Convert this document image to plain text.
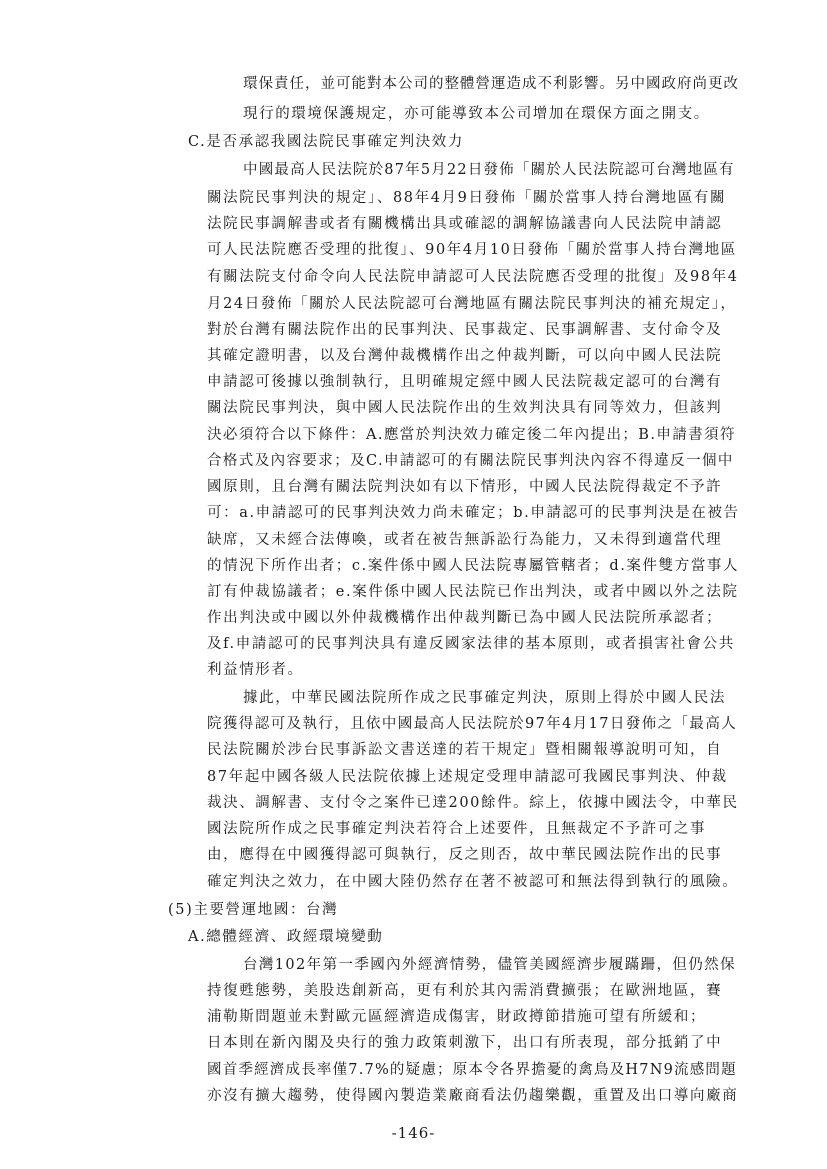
環保責任，並可能對本公司的整體營運造成不利影響。另中國政府尚更改
現行的環境保護規定，亦可能導致本公司增加在環保方面之開支。
C.是否承認我國法院民事確定判決效力
中國最高人民法院於87年5月22日發佈「關於人民法院認可台灣地區有
關法院民事判決的規定」、88年4月9日發佈「關於當事人持台灣地區有關
法院民事調解書或者有關機構出具或確認的調解協議書向人民法院申請認
可人民法院應否受理的批復」、90年4月10日發佈「關於當事人持台灣地區
有關法院支付命令向人民法院申請認可人民法院應否受理的批復」及98年4
月24日發佈「關於人民法院認可台灣地區有關法院民事判決的補充規定」，
對於台灣有關法院作出的民事判決、民事裁定、民事調解書、支付命令及
其確定證明書，以及台灣仲裁機構作出之仲裁判斷，可以向中國人民法院
申請認可後據以強制執行，且明確規定經中國人民法院裁定認可的台灣有
關法院民事判決，與中國人民法院作出的生效判決具有同等效力，但該判
決必須符合以下條件：A.應當於判決效力確定後二年內提出；B.申請書須符
合格式及內容要求；及C.申請認可的有關法院民事判決內容不得違反一個中
國原則，且台灣有關法院判決如有以下情形，中國人民法院得裁定不予許
可：a.申請認可的民事判決效力尚未確定；b.申請認可的民事判決是在被告
缺席，又未經合法傳喚，或者在被告無訴訟行為能力，又未得到適當代理
的情況下所作出者；c.案件係中國人民法院專屬管轄者；d.案件雙方當事人
訂有仲裁協議者；e.案件係中國人民法院已作出判決，或者中國以外之法院
作出判決或中國以外仲裁機構作出仲裁判斷已為中國人民法院所承認者；
及f.申請認可的民事判決具有違反國家法律的基本原則，或者損害社會公共
利益情形者。
據此，中華民國法院所作成之民事確定判決，原則上得於中國人民法
院獲得認可及執行，且依中國最高人民法院於97年4月17日發佈之「最高人
民法院關於涉台民事訴訟文書送達的若干規定」暨相關報導說明可知，自
87年起中國各級人民法院依據上述規定受理申請認可我國民事判決、仲裁
裁決、調解書、支付令之案件已達200餘件。綜上，依據中國法令，中華民
國法院所作成之民事確定判決若符合上述要件，且無裁定不予許可之事
由，應得在中國獲得認可與執行，反之則否，故中華民國法院作出的民事
確定判決之效力，在中國大陸仍然存在著不被認可和無法得到執行的風險。
(5)主要營運地國：台灣
A.總體經濟、政經環境變動
台灣102年第一季國內外經濟情勢，儘管美國經濟步履蹣跚，但仍然保
持復甦態勢，美股迭創新高，更有利於其內需消費擴張；在歐洲地區，賽
浦勒斯問題並未對歐元區經濟造成傷害，財政撙節措施可望有所緩和；
日本則在新內閣及央行的強力政策刺激下，出口有所表現，部分抵銷了中
國首季經濟成長率僅7.7%的疑慮；原本令各界擔憂的禽鳥及H7N9流感問題
亦沒有擴大趨勢，使得國內製造業廠商看法仍趨樂觀，重置及出口導向廠商
-146-
